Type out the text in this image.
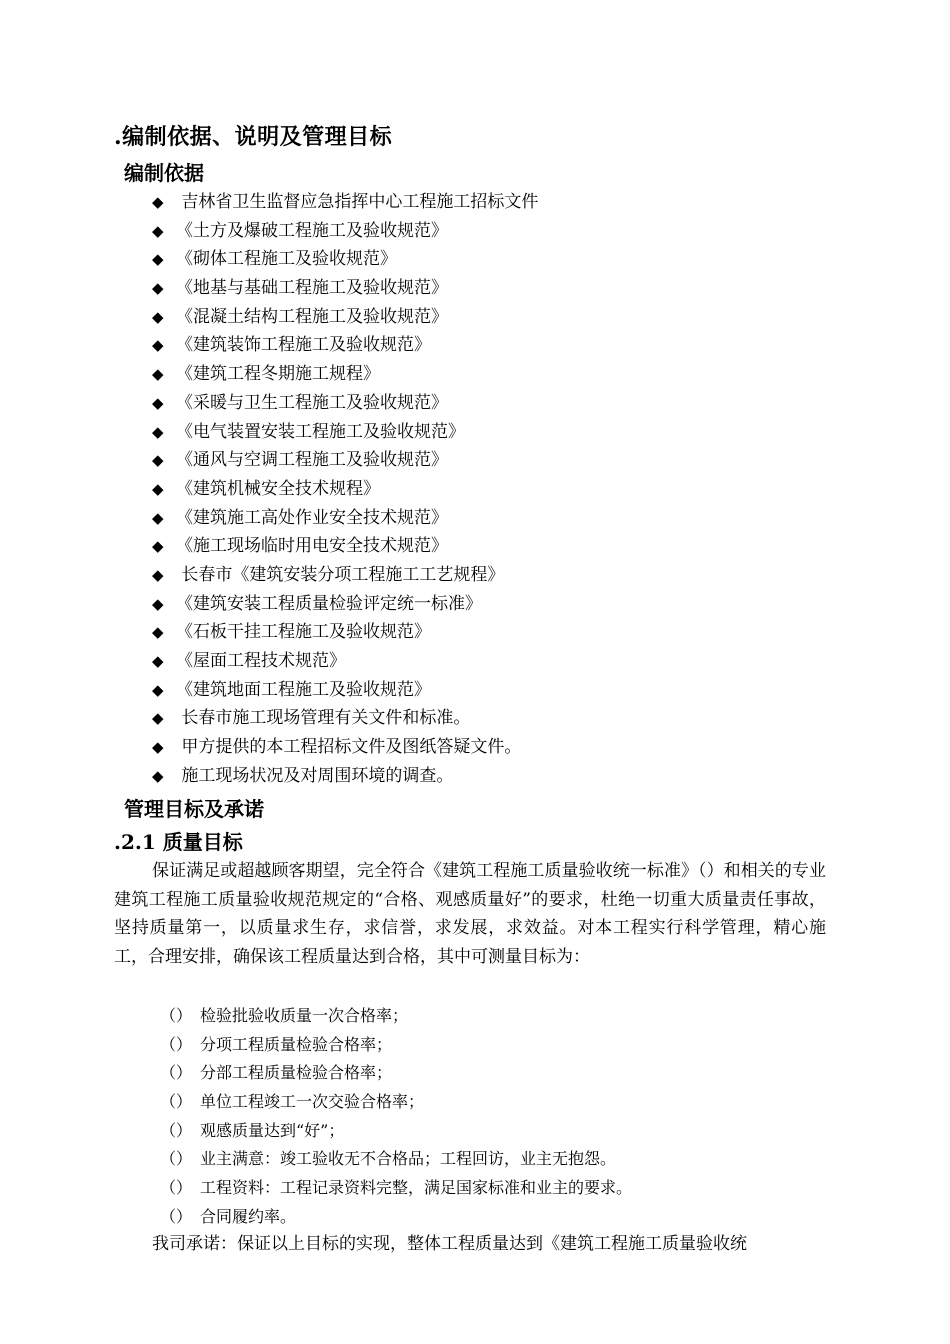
.编制依据、说明及管理目标
编制依据
◆ 吉林省卫生监督应急指挥中心工程施工招标文件
◆ 《土方及爆破工程施工及验收规范》
◆ 《砌体工程施工及验收规范》
◆ 《地基与基础工程施工及验收规范》
◆ 《混凝土结构工程施工及验收规范》
◆ 《建筑装饰工程施工及验收规范》
◆ 《建筑工程冬期施工规程》
◆ 《采暖与卫生工程施工及验收规范》
◆ 《电气装置安装工程施工及验收规范》
◆ 《通风与空调工程施工及验收规范》
◆ 《建筑机械安全技术规程》
◆ 《建筑施工高处作业安全技术规范》
◆ 《施工现场临时用电安全技术规范》
◆ 长春市《建筑安装分项工程施工工艺规程》
◆ 《建筑安装工程质量检验评定统一标准》
◆ 《石板干挂工程施工及验收规范》
◆ 《屋面工程技术规范》
◆ 《建筑地面工程施工及验收规范》
◆ 长春市施工现场管理有关文件和标准。
◆ 甲方提供的本工程招标文件及图纸答疑文件。
◆ 施工现场状况及对周围环境的调查。
管理目标及承诺
.2.1 质量目标
保证满足或超越顾客期望，完全符合《建筑工程施工质量验收统一标准》（）和相关的专业建筑工程施工质量验收规范规定的“合格、观感质量好”的要求，杜绝一切重大质量责任事故，坚持质量第一，以质量求生存，求信誉，求发展，求效益。对本工程实行科学管理，精心施工，合理安排，确保该工程质量达到合格，其中可测量目标为：
（） 检验批验收质量一次合格率；
（） 分项工程质量检验合格率；
（） 分部工程质量检验合格率；
（） 单位工程竣工一次交验合格率；
（） 观感质量达到“好”；
（） 业主满意：竣工验收无不合格品；工程回访，业主无抱怨。
（） 工程资料：工程记录资料完整，满足国家标准和业主的要求。
（） 合同履约率。
我司承诺：保证以上目标的实现，整体工程质量达到《建筑工程施工质量验收统
